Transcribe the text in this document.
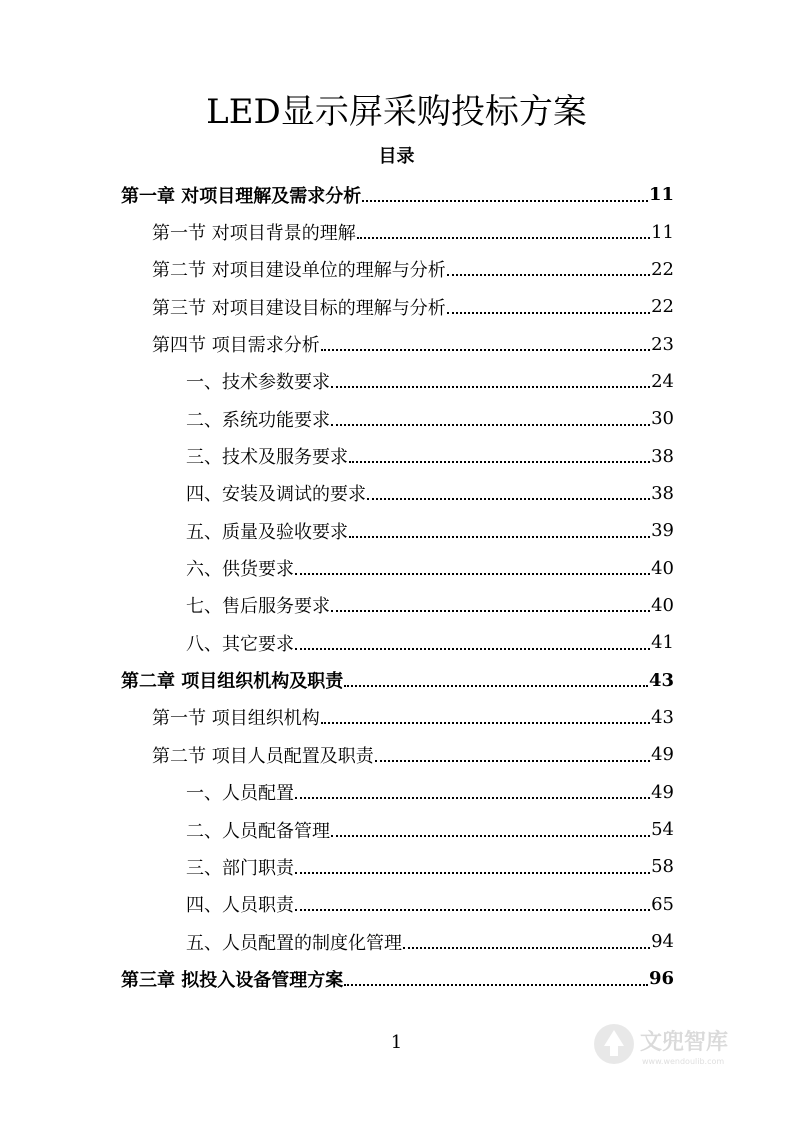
LED显示屏采购投标方案
目录
第一章 对项目理解及需求分析	11
第一节 对项目背景的理解	11
第二节 对项目建设单位的理解与分析	22
第三节 对项目建设目标的理解与分析	22
第四节 项目需求分析	23
一、技术参数要求	24
二、系统功能要求	30
三、技术及服务要求	38
四、安装及调试的要求	38
五、质量及验收要求	39
六、供货要求	40
七、售后服务要求	40
八、其它要求	41
第二章 项目组织机构及职责	43
第一节 项目组织机构	43
第二节 项目人员配置及职责	49
一、人员配置	49
二、人员配备管理	54
三、部门职责	58
四、人员职责	65
五、人员配置的制度化管理	94
第三章 拟投入设备管理方案	96
1	文兜智库
www.wendoulib.com
